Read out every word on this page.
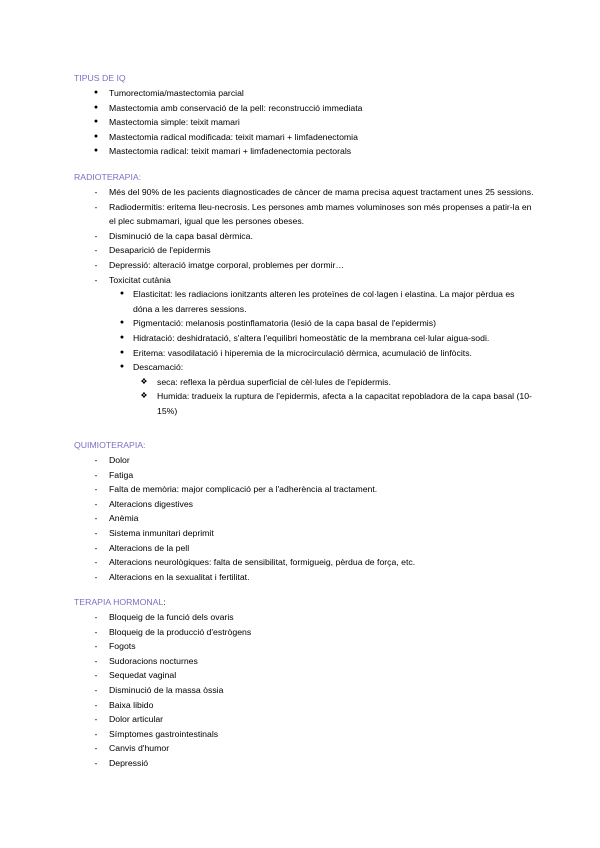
TIPUS DE IQ
●	Tumorectomia/mastectomia parcial
●	Mastectomia amb conservació de la pell: reconstrucció immediata
●	Mastectomia simple: teixit mamari
●	Mastectomia radical modificada: teixit mamari + limfadenectomia
●	Mastectomia radical: teixit mamari + limfadenectomia pectorals
RADIOTERAPIA:
-	Més del 90% de les pacients diagnosticades de càncer de mama precisa aquest tractament unes 25 sessions.
-	Radiodermitis: eritema lleu-necrosis. Les persones amb mames voluminoses son més propenses a patir-la en el plec submamari, igual que les persones obeses.
-	Disminució de la capa basal dèrmica.
-	Desaparició de l'epidermis
-	Depressió: alteració imatge corporal, problemes per dormir…
-	Toxicitat cutània
●	Elasticitat: les radiacions ionitzants alteren les proteïnes de col·lagen i elastina. La major pèrdua es dóna a les darreres sessions.
●	Pigmentació: melanosis postinflamatoria (lesió de la capa basal de l'epidermis)
●	Hidratació: deshidratació, s'altera l'equilibri homeostàtic de la membrana cel·lular aigua-sodi.
●	Eritema: vasodilatació i hiperemia de la microcirculació dèrmica, acumulació de linfòcits.
●	Descamació:
❖ seca: reflexa la pèrdua superficial de cèl·lules de l'epidermis.
❖ Humida: tradueix la ruptura de l'epidermis, afecta a la capacitat repobladora de la capa basal (10-15%)
QUIMIOTERAPIA:
-	Dolor
-	Fatiga
-	Falta de memòria: major complicació per a l'adherència al tractament.
-	Alteracions digestives
-	Anèmia
-	Sistema inmunitari deprimit
-	Alteracions de la pell
-	Alteracions neurològiques: falta de sensibilitat, formigueig, pèrdua de força, etc.
-	Alteracions en la sexualitat i fertilitat.
TERAPIA HORMONAL:
-	Bloqueig de la funció dels ovaris
-	Bloqueig de la producció d'estrògens
-	Fogots
-	Sudoracions nocturnes
-	Sequedat vaginal
-	Disminució de la massa òssia
-	Baixa libido
-	Dolor articular
-	Símptomes gastrointestinals
-	Canvis d'humor
-	Depressió
